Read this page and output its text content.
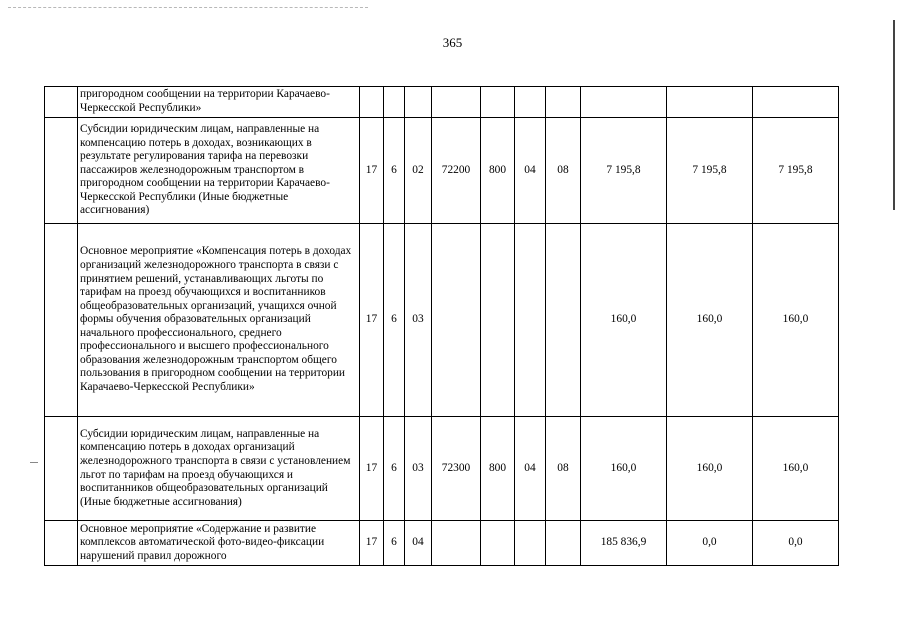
365
	пригородном сообщении на территории Карачаево-Черкесской Республики»										
	Субсидии юридическим лицам, направленные на компенсацию потерь в доходах, возникающих в результате регулирования тарифа на перевозки пассажиров железнодорожным транспортом в пригородном сообщении на территории Карачаево-Черкесской Республики (Иные бюджетные ассигнования)	17	6	02	72200	800	04	08	7 195,8	7 195,8	7 195,8
	Основное мероприятие «Компенсация потерь в доходах организаций железнодорожного транспорта в связи с принятием решений, устанавливающих льготы по тарифам на проезд обучающихся и воспитанников общеобразовательных организаций, учащихся очной формы обучения образовательных организаций начального профессионального, среднего профессионального и высшего профессионального образования железнодорожным транспортом общего пользования в пригородном сообщении на территории Карачаево-Черкесской Республики»	17	6	03					160,0	160,0	160,0
	Субсидии юридическим лицам, направленные на компенсацию потерь в доходах организаций железнодорожного транспорта в связи с установлением льгот по тарифам на проезд обучающихся и воспитанников общеобразовательных организаций (Иные бюджетные ассигнования)	17	6	03	72300	800	04	08	160,0	160,0	160,0
	Основное мероприятие «Содержание и развитие комплексов автоматической фото-видео-фиксации нарушений правил дорожного	17	6	04					185 836,9	0,0	0,0
